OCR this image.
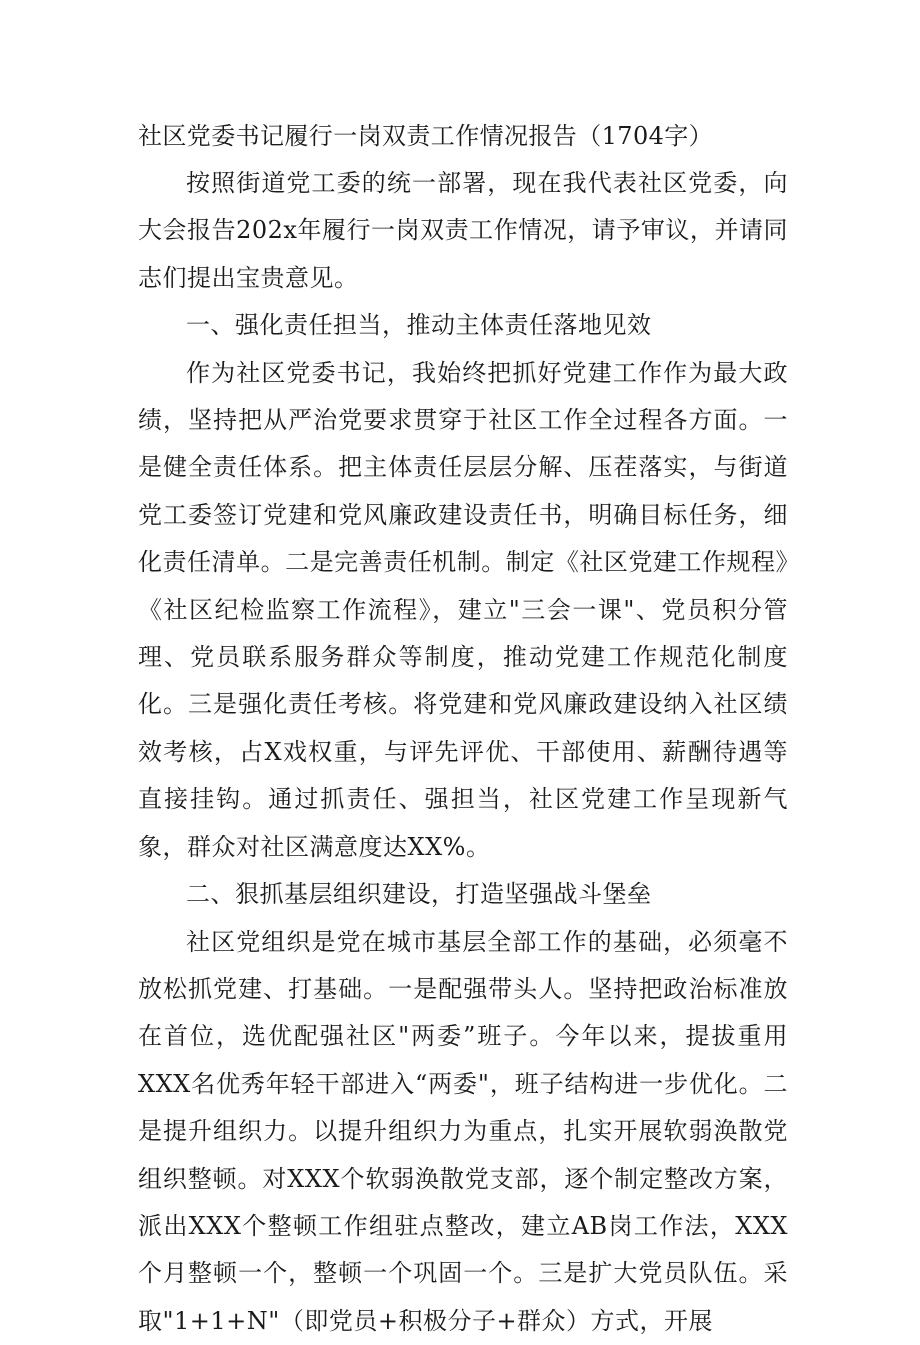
社区党委书记履行一岗双责工作情况报告（1704字）

按照街道党工委的统一部署，现在我代表社区党委，向大会报告202x年履行一岗双责工作情况，请予审议，并请同志们提出宝贵意见。

一、强化责任担当，推动主体责任落地见效

作为社区党委书记，我始终把抓好党建工作作为最大政绩，坚持把从严治党要求贯穿于社区工作全过程各方面。一是健全责任体系。把主体责任层层分解、压茬落实，与街道党工委签订党建和党风廉政建设责任书，明确目标任务，细化责任清单。二是完善责任机制。制定《社区党建工作规程》《社区纪检监察工作流程》，建立"三会一课"、党员积分管理、党员联系服务群众等制度，推动党建工作规范化制度化。三是强化责任考核。将党建和党风廉政建设纳入社区绩效考核，占X戏权重，与评先评优、干部使用、薪酬待遇等直接挂钩。通过抓责任、强担当，社区党建工作呈现新气象，群众对社区满意度达XX%。

二、狠抓基层组织建设，打造坚强战斗堡垒

社区党组织是党在城市基层全部工作的基础，必须毫不放松抓党建、打基础。一是配强带头人。坚持把政治标准放在首位，选优配强社区"两委”班子。今年以来，提拔重用XXX名优秀年轻干部进入“两委"，班子结构进一步优化。二是提升组织力。以提升组织力为重点，扎实开展软弱涣散党组织整顿。对XXX个软弱涣散党支部，逐个制定整改方案，派出XXX个整顿工作组驻点整改，建立AB岗工作法，XXX个月整顿一个，整顿一个巩固一个。三是扩大党员队伍。采取"1+1+N"（即党员+积极分子+群众）方式，开展
